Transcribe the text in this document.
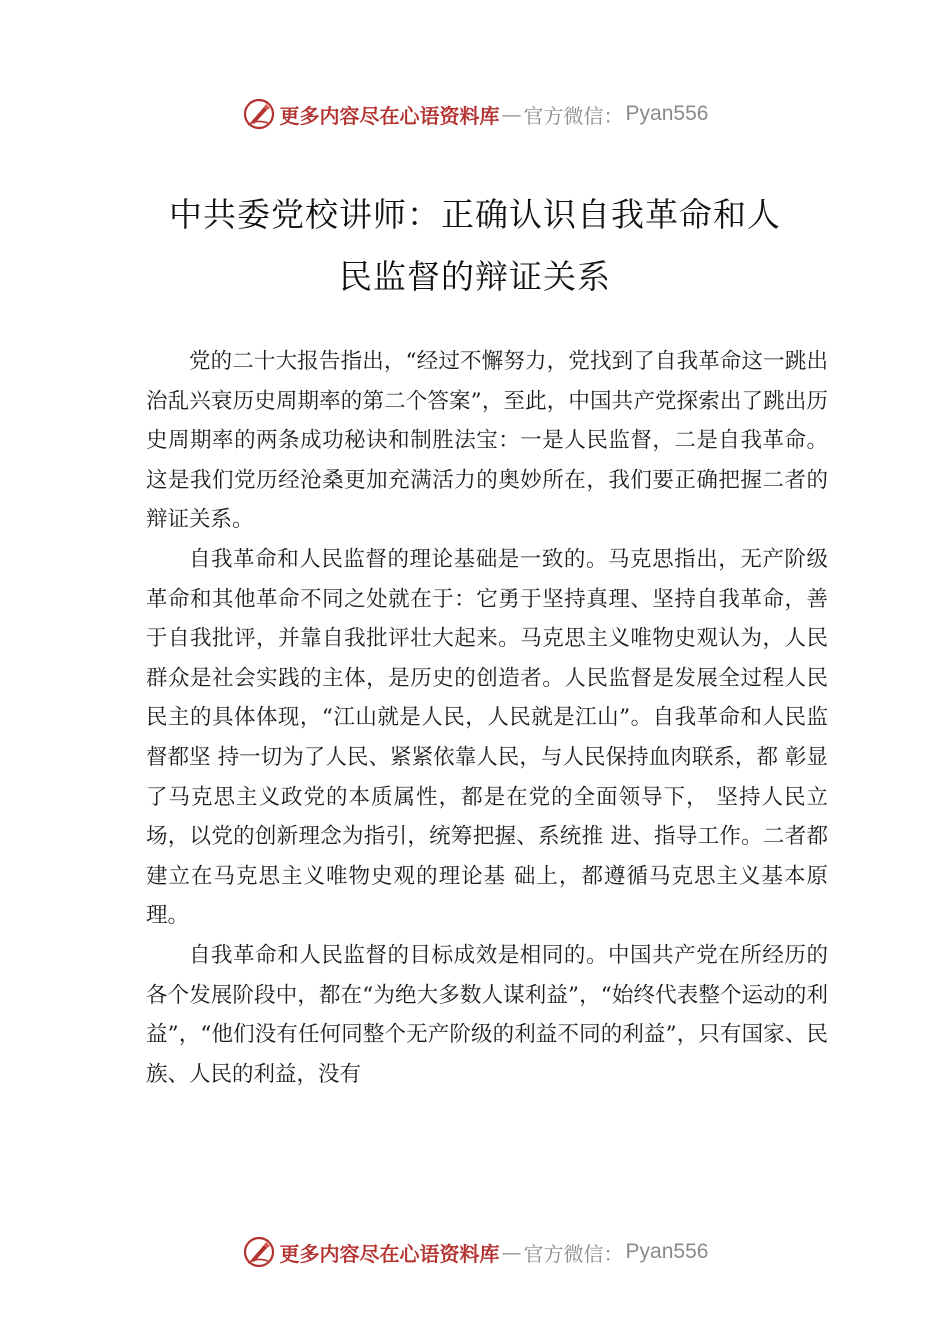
更多内容尽在心语资料库 — 官方微信： Pyan556
中共委党校讲师：正确认识自我革命和人
民监督的辩证关系

党的二十大报告指出，“经过不懈努力，党找到了自我革命这一跳出治乱兴衰历史周期率的第二个答案”，至此，中国共产党探索出了跳出历史周期率的两条成功秘诀和制胜法宝：一是人民监督，二是自我革命。这是我们党历经沧桑更加充满活力的奥妙所在，我们要正确把握二者的辩证关系。

自我革命和人民监督的理论基础是一致的。马克思指出，无产阶级革命和其他革命不同之处就在于：它勇于坚持真理、坚持自我革命，善于自我批评，并靠自我批评壮大起来。马克思主义唯物史观认为，人民群众是社会实践的主体，是历史的创造者。人民监督是发展全过程人民民主的具体体现，“江山就是人民，人民就是江山”。自我革命和人民监督都坚 持一切为了人民、紧紧依靠人民，与人民保持血肉联系，都 彰显了马克思主义政党的本质属性，都是在党的全面领导下， 坚持人民立场，以党的创新理念为指引，统筹把握、系统推 进、指导工作。二者都建立在马克思主义唯物史观的理论基 础上，都遵循马克思主义基本原理。

自我革命和人民监督的目标成效是相同的。中国共产党在所经历的各个发展阶段中，都在“为绝大多数人谋利益”，“始终代表整个运动的利益”，“他们没有任何同整个无产阶级的利益不同的利益”，只有国家、民族、人民的利益，没有

更多内容尽在心语资料库 — 官方微信： Pyan556
